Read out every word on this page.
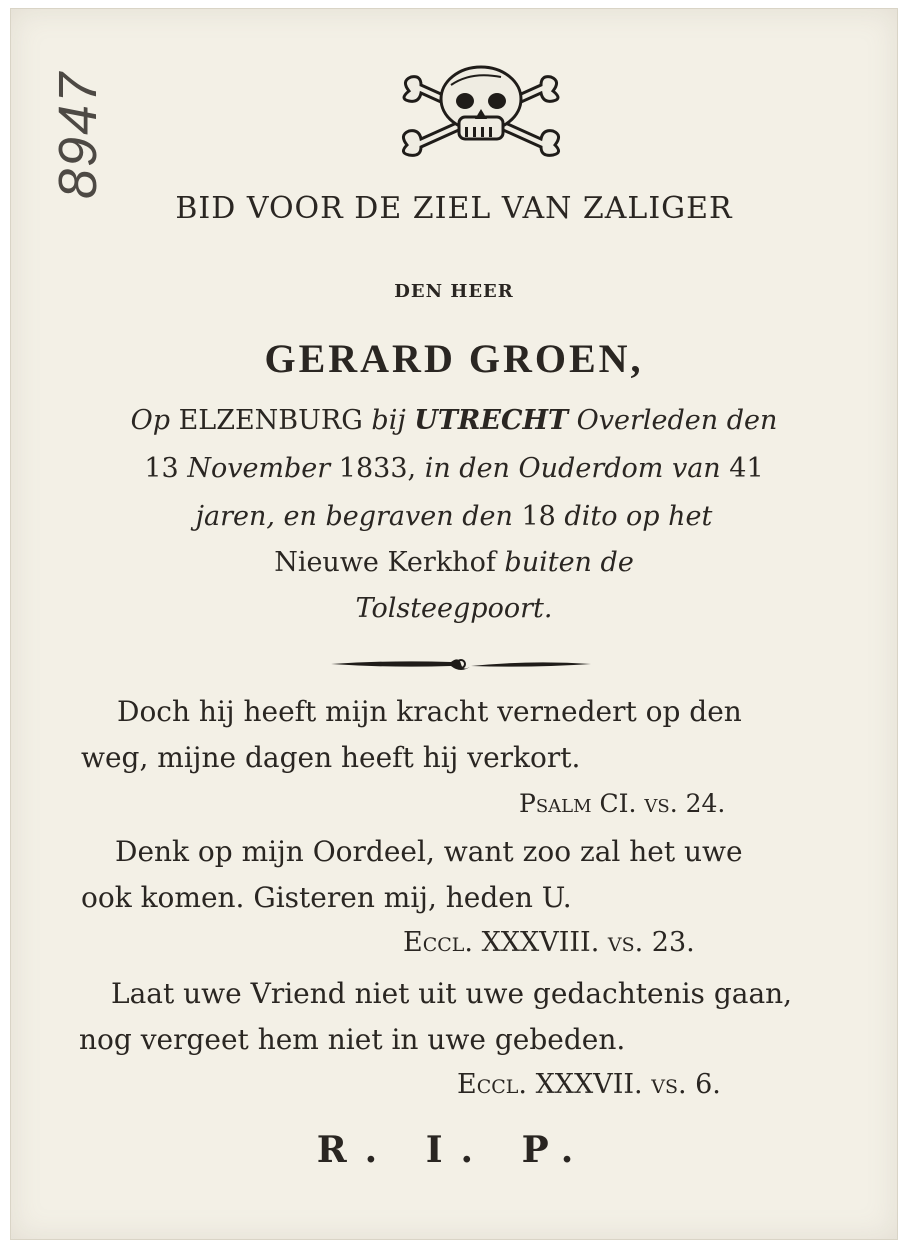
8947
BID VOOR DE ZIEL VAN ZALIGER
DEN HEER
GERARD GROEN,
Op ELZENBURG bij UTRECHT Overleden den
13 November 1833, in den Ouderdom van 41
jaren, en begraven den 18 dito op het
Nieuwe Kerkhof buiten de
Tolsteegpoort.
Doch hij heeft mijn kracht vernedert op den
weg, mijne dagen heeft hij verkort.
Psalm CI. vs. 24.
Denk op mijn Oordeel, want zoo zal het uwe
ook komen. Gisteren mij, heden U.
Eccl. XXXVIII. vs. 23.
Laat uwe Vriend niet uit uwe gedachtenis gaan,
nog vergeet hem niet in uwe gebeden.
Eccl. XXXVII. vs. 6.
R. I. P.
